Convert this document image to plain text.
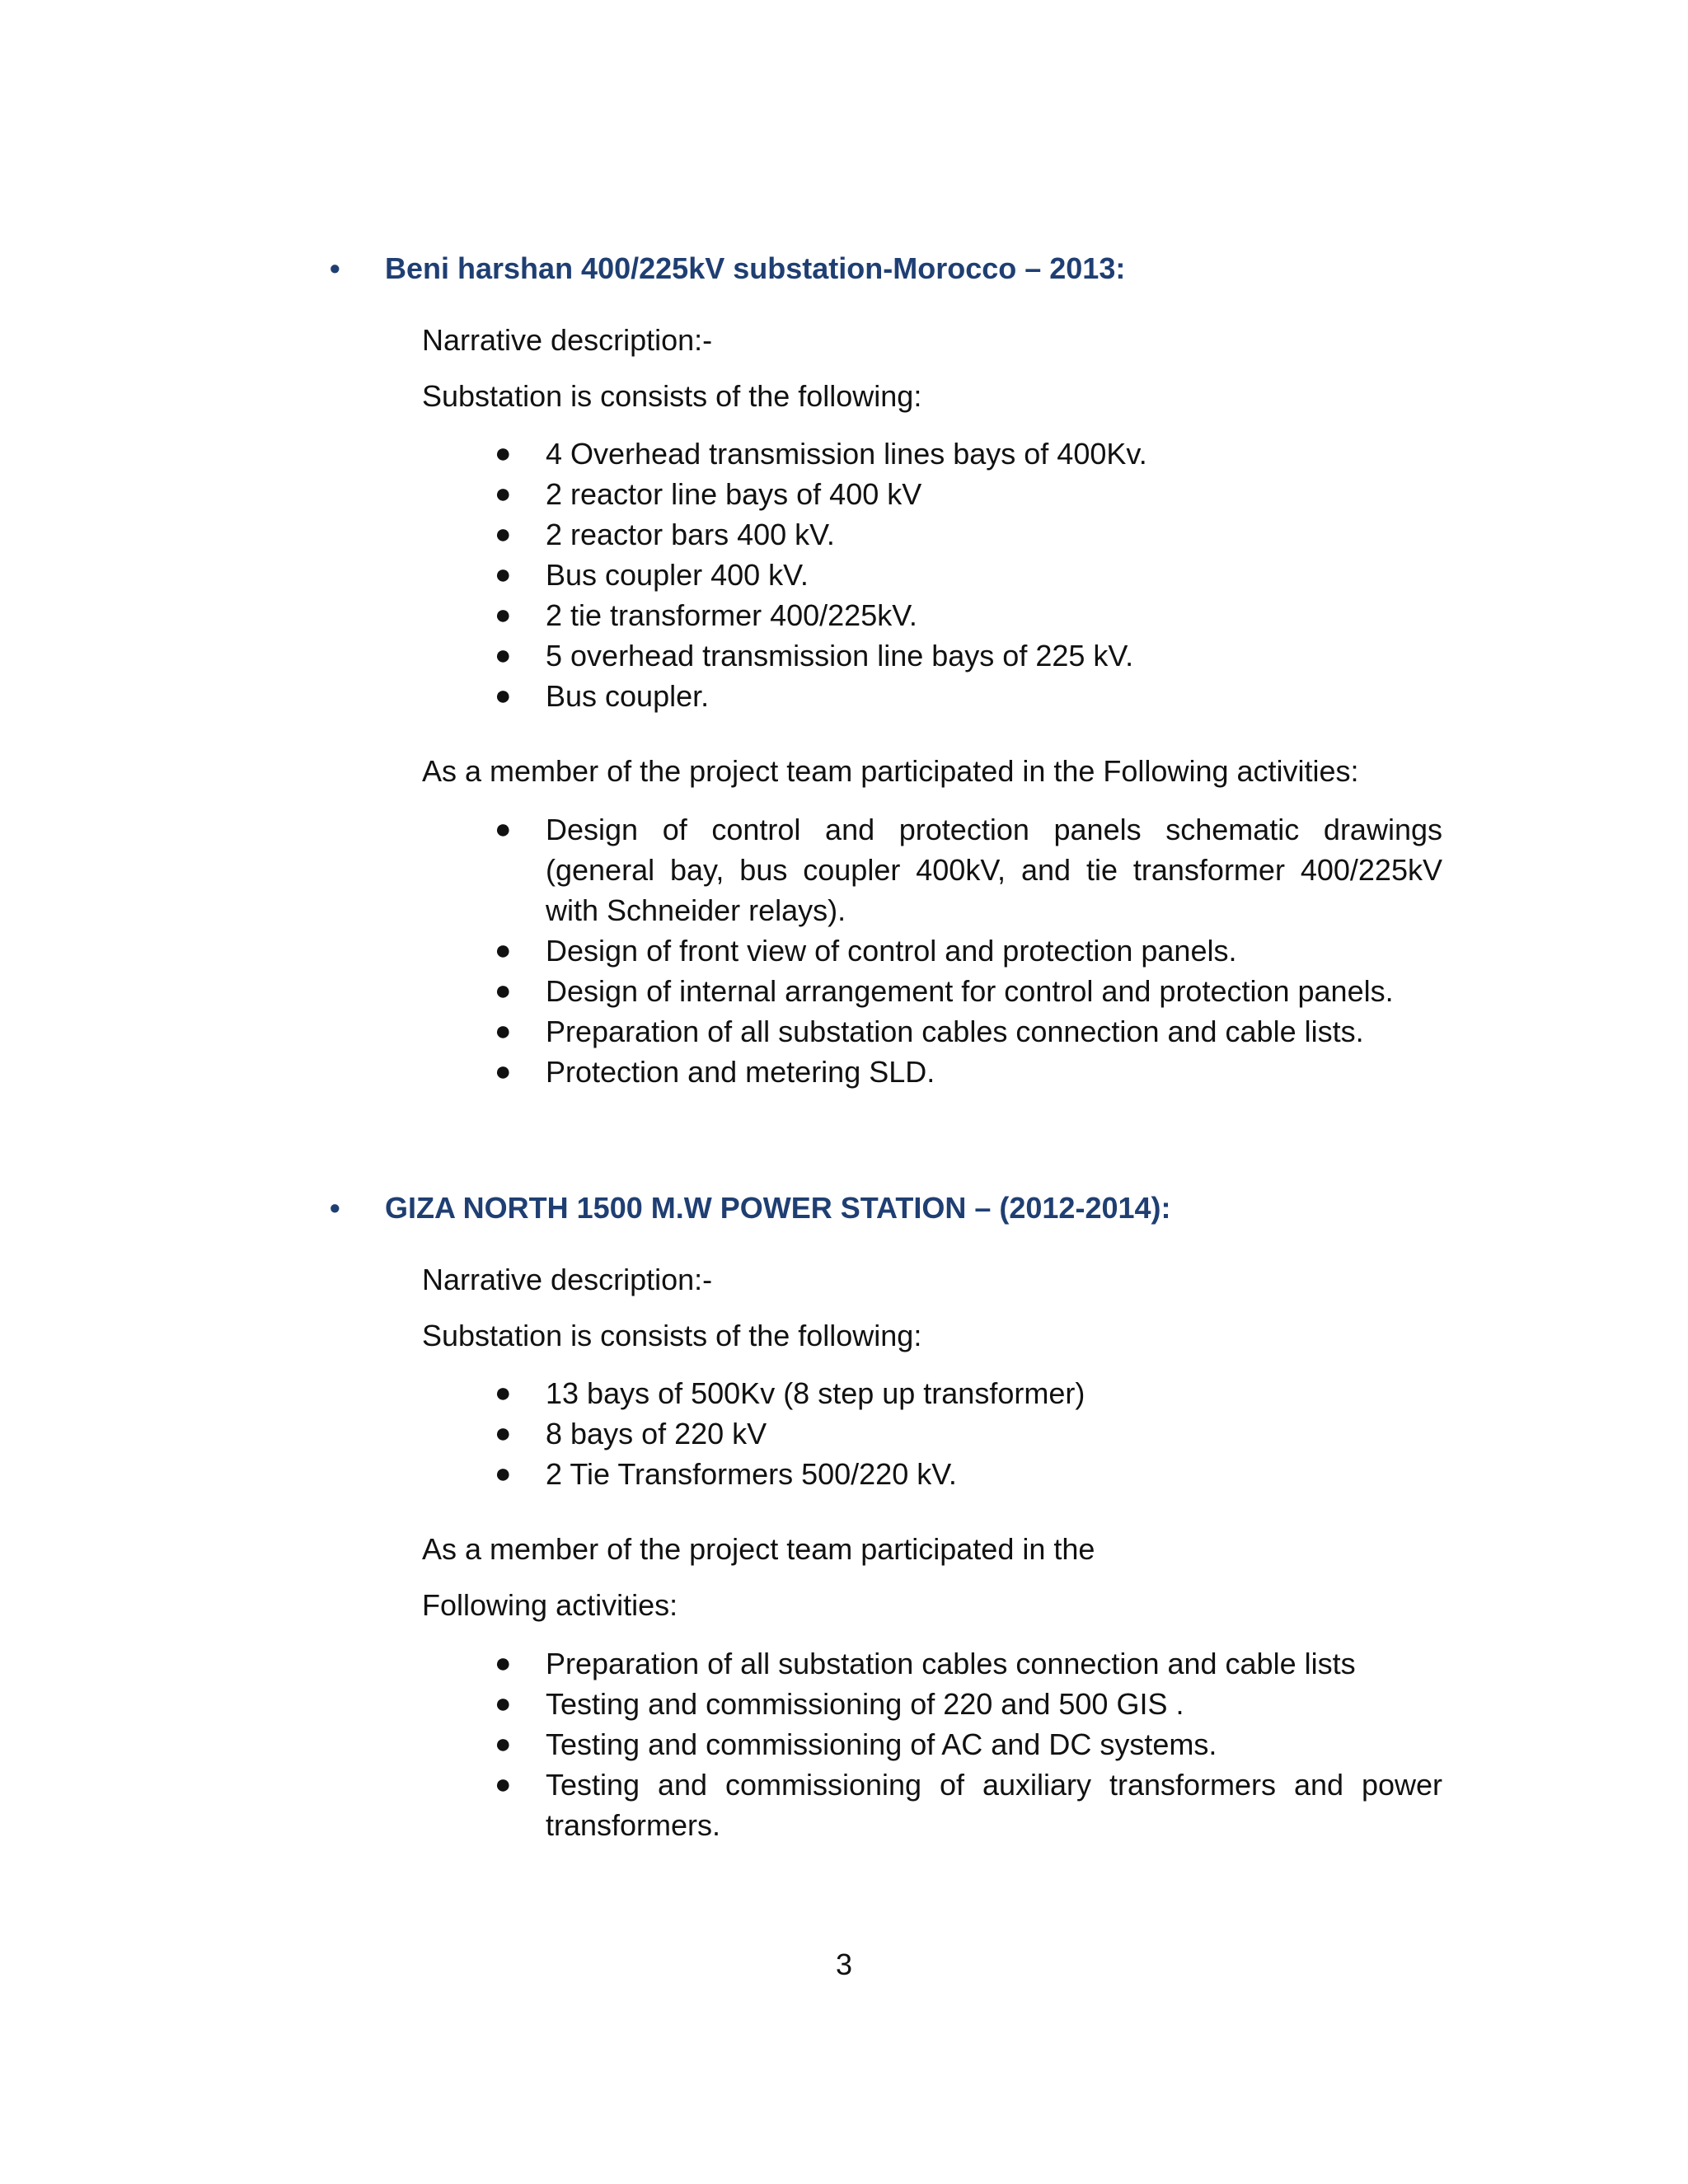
• Beni harshan 400/225kV substation-Morocco – 2013:
Narrative description:-
Substation is consists of the following:
● 4 Overhead transmission lines bays of 400Kv.
● 2 reactor line bays of 400 kV
● 2 reactor bars 400 kV.
● Bus coupler 400 kV.
● 2 tie transformer 400/225kV.
● 5 overhead transmission line bays of 225 kV.
● Bus coupler.
As a member of the project team participated in the Following activities:
● Design of control and protection panels schematic drawings (general bay, bus coupler 400kV, and tie transformer 400/225kV with Schneider relays).
● Design of front view of control and protection panels.
● Design of internal arrangement for control and protection panels.
● Preparation of all substation cables connection and cable lists.
● Protection and metering SLD.
• GIZA NORTH 1500 M.W POWER STATION – (2012-2014):
Narrative description:-
Substation is consists of the following:
● 13 bays of 500Kv (8 step up transformer)
● 8 bays of 220 kV
● 2 Tie Transformers 500/220 kV.
As a member of the project team participated in the
Following activities:
● Preparation of all substation cables connection and cable lists
● Testing and commissioning of 220 and 500 GIS .
● Testing and commissioning of AC and DC systems.
● Testing and commissioning of auxiliary transformers and power transformers.
3
